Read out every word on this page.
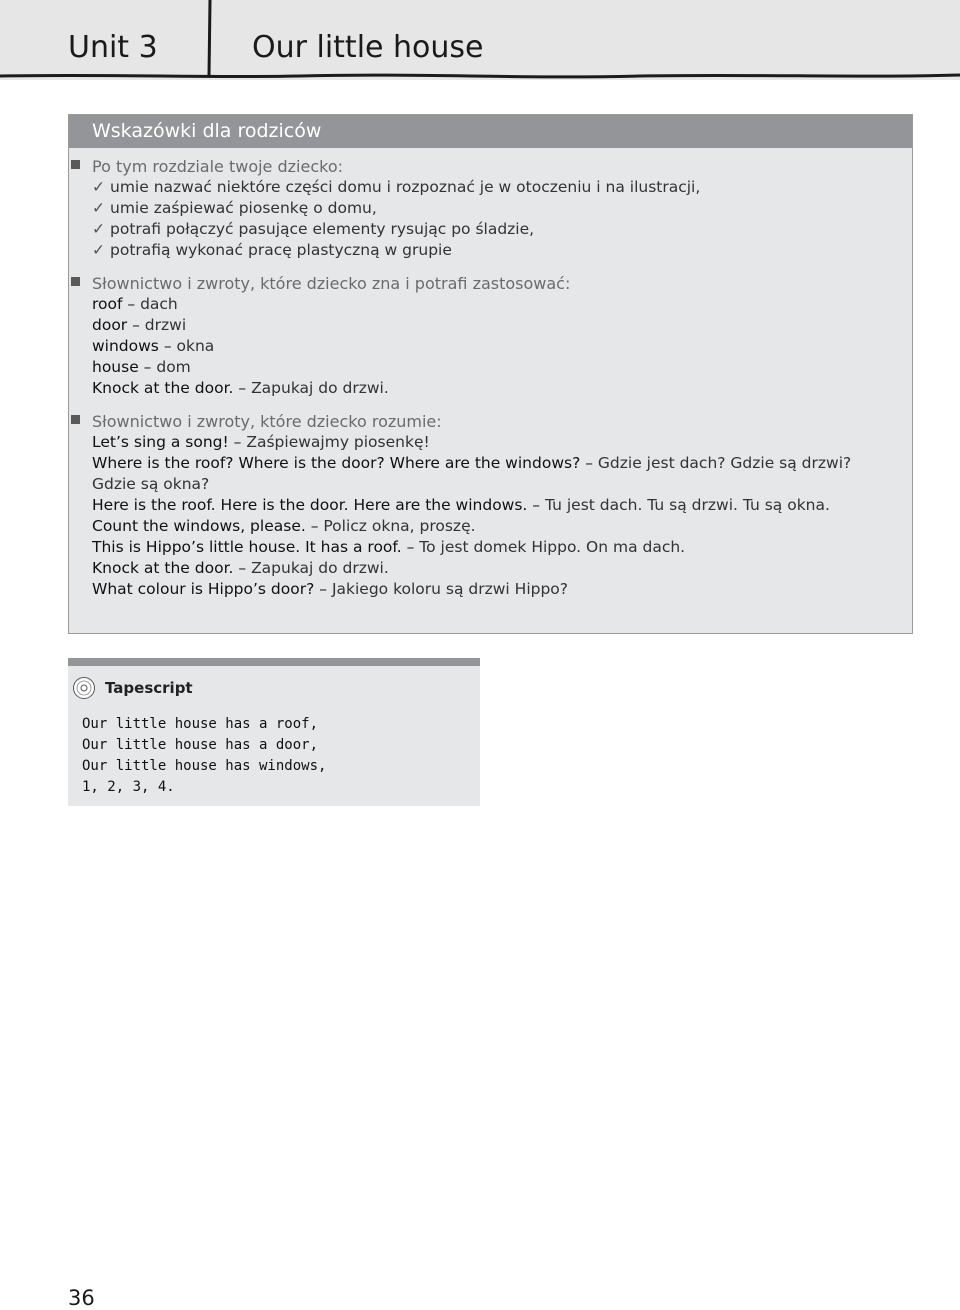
Unit 3	Our little house
Wskazówki dla rodziców
Po tym rozdziale twoje dziecko:
✓ umie nazwać niektóre części domu i rozpoznać je w otoczeniu i na ilustracji,
✓ umie zaśpiewać piosenkę o domu,
✓ potrafi połączyć pasujące elementy rysując po śladzie,
✓ potrafią wykonać pracę plastyczną w grupie
Słownictwo i zwroty, które dziecko zna i potrafi zastosować:
roof – dach
door – drzwi
windows – okna
house – dom
Knock at the door. – Zapukaj do drzwi.
Słownictwo i zwroty, które dziecko rozumie:
Let’s sing a song! – Zaśpiewajmy piosenkę!
Where is the roof? Where is the door? Where are the windows? – Gdzie jest dach? Gdzie są drzwi?
Gdzie są okna?
Here is the roof. Here is the door. Here are the windows. – Tu jest dach. Tu są drzwi. Tu są okna.
Count the windows, please. – Policz okna, proszę.
This is Hippo’s little house. It has a roof. – To jest domek Hippo. On ma dach.
Knock at the door. – Zapukaj do drzwi.
What colour is Hippo’s door? – Jakiego koloru są drzwi Hippo?
Tapescript
Our little house has a roof,
Our little house has a door,
Our little house has windows,
1, 2, 3, 4.
36
